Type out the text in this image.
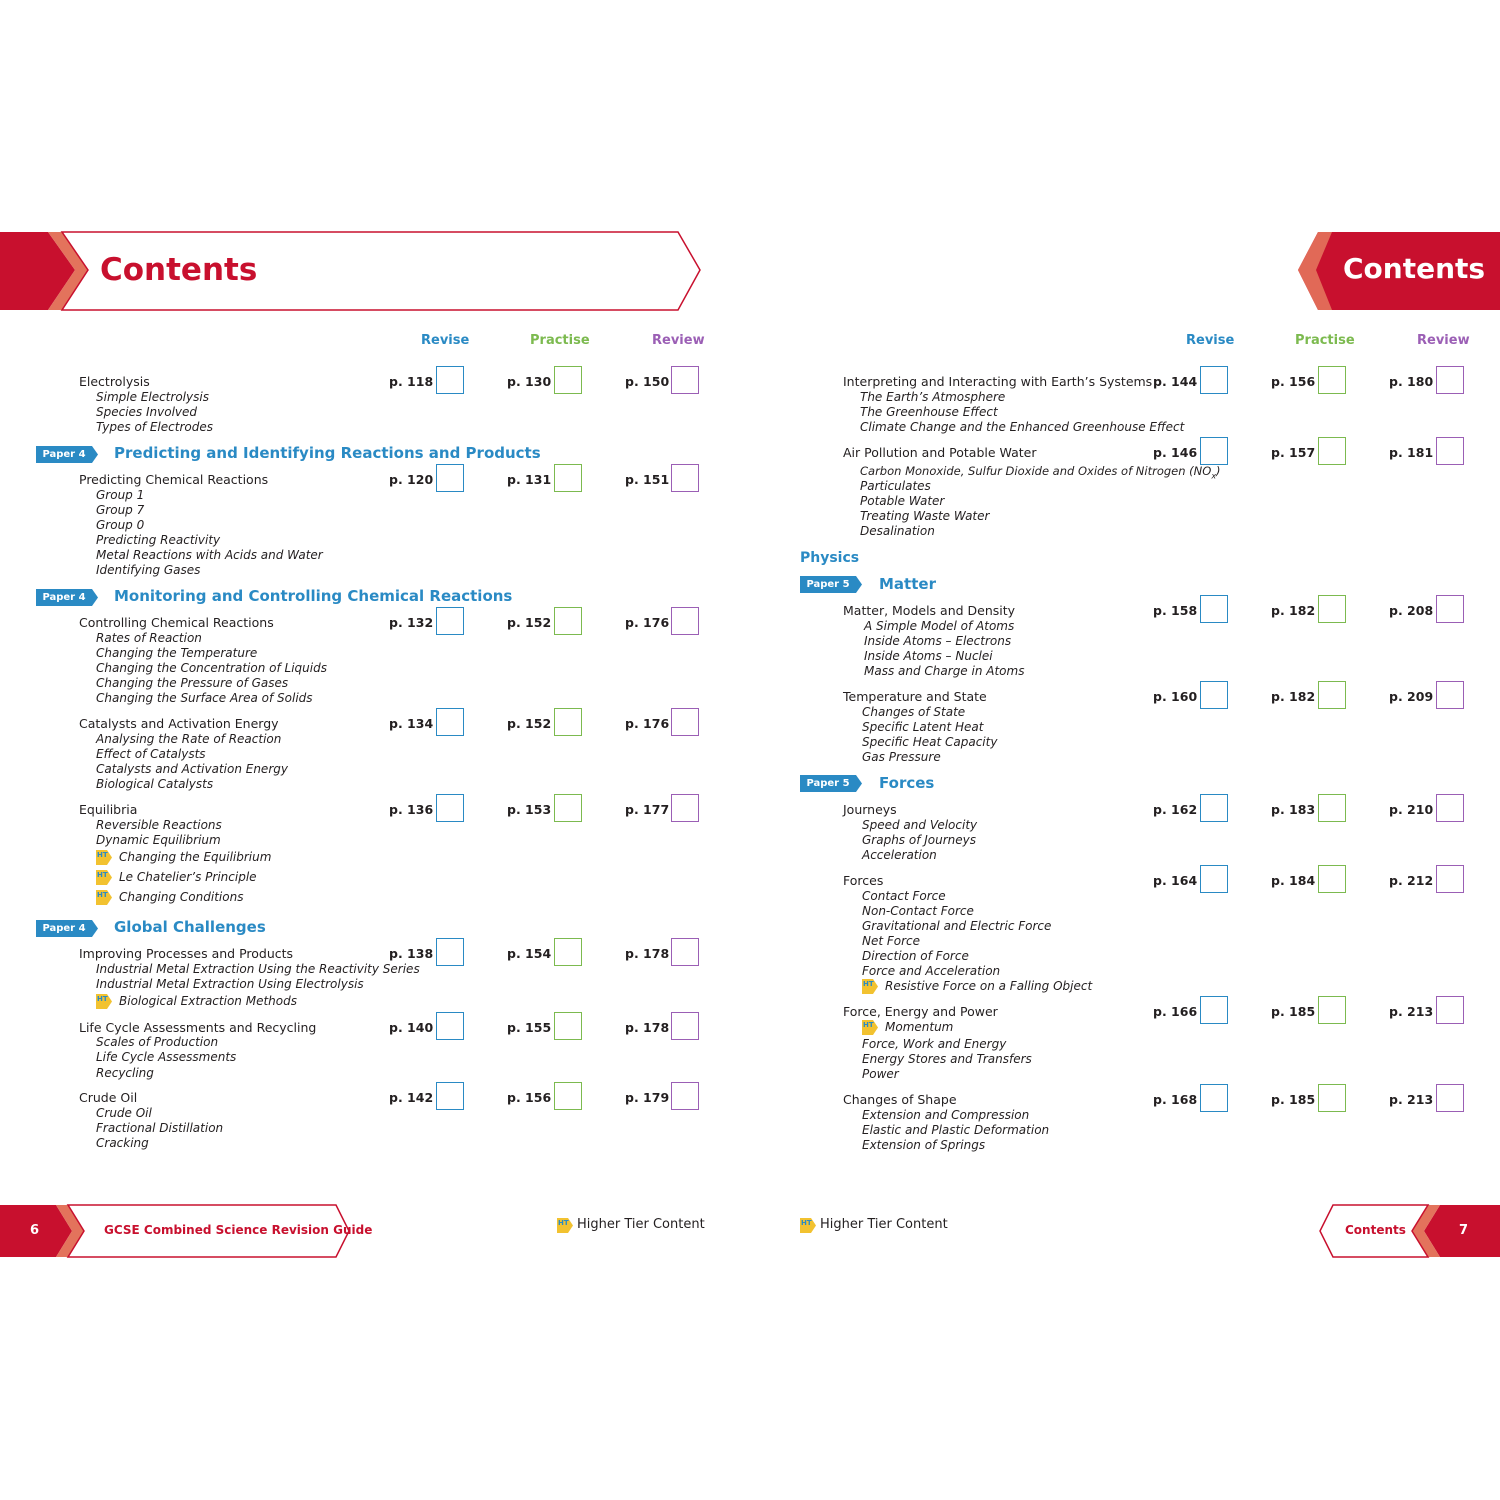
Contents	Contents
Revise	Practise	Review	Revise	Practise	Review
Electrolysis	p. 118	p. 130	p. 150
Simple Electrolysis
Species Involved
Types of Electrodes
Paper 4	Predicting and Identifying Reactions and Products
Predicting Chemical Reactions	p. 120	p. 131	p. 151
Group 1
Group 7
Group 0
Predicting Reactivity
Metal Reactions with Acids and Water
Identifying Gases
Paper 4	Monitoring and Controlling Chemical Reactions
Controlling Chemical Reactions	p. 132	p. 152	p. 176
Rates of Reaction
Changing the Temperature
Changing the Concentration of Liquids
Changing the Pressure of Gases
Changing the Surface Area of Solids
Catalysts and Activation Energy	p. 134	p. 152	p. 176
Analysing the Rate of Reaction
Effect of Catalysts
Catalysts and Activation Energy
Biological Catalysts
Equilibria	p. 136	p. 153	p. 177
Reversible Reactions
Dynamic Equilibrium
HT Changing the Equilibrium
HT Le Chatelier’s Principle
HT Changing Conditions
Paper 4	Global Challenges
Improving Processes and Products	p. 138	p. 154	p. 178
Industrial Metal Extraction Using the Reactivity Series
Industrial Metal Extraction Using Electrolysis
HT Biological Extraction Methods
Life Cycle Assessments and Recycling	p. 140	p. 155	p. 178
Scales of Production
Life Cycle Assessments
Recycling
Crude Oil	p. 142	p. 156	p. 179
Crude Oil
Fractional Distillation
Cracking
Interpreting and Interacting with Earth’s Systems p. 144	p. 156	p. 180
The Earth’s Atmosphere
The Greenhouse Effect
Climate Change and the Enhanced Greenhouse Effect
Air Pollution and Potable Water	p. 146	p. 157	p. 181
Carbon Monoxide, Sulfur Dioxide and Oxides of Nitrogen $(NO_x)$
Particulates
Potable Water
Treating Waste Water
Desalination
Physics
Paper 5	Matter
Matter, Models and Density	p. 158	p. 182	p. 208
A Simple Model of Atoms
Inside Atoms – Electrons
Inside Atoms – Nuclei
Mass and Charge in Atoms
Temperature and State	p. 160	p. 182	p. 209
Changes of State
Specific Latent Heat
Specific Heat Capacity
Gas Pressure
Paper 5	Forces
Journeys	p. 162	p. 183	p. 210
Speed and Velocity
Graphs of Journeys
Acceleration
Forces	p. 164	p. 184	p. 212
Contact Force
Non-Contact Force
Gravitational and Electric Force
Net Force
Direction of Force
Force and Acceleration
HT Resistive Force on a Falling Object
Force, Energy and Power	p. 166	p. 185	p. 213
HT Momentum
Force, Work and Energy
Energy Stores and Transfers
Power
Changes of Shape	p. 168	p. 185	p. 213
Extension and Compression
Elastic and Plastic Deformation
Extension of Springs
6	GCSE Combined Science Revision Guide	Contents	7
HT Higher Tier Content	HT Higher Tier Content
